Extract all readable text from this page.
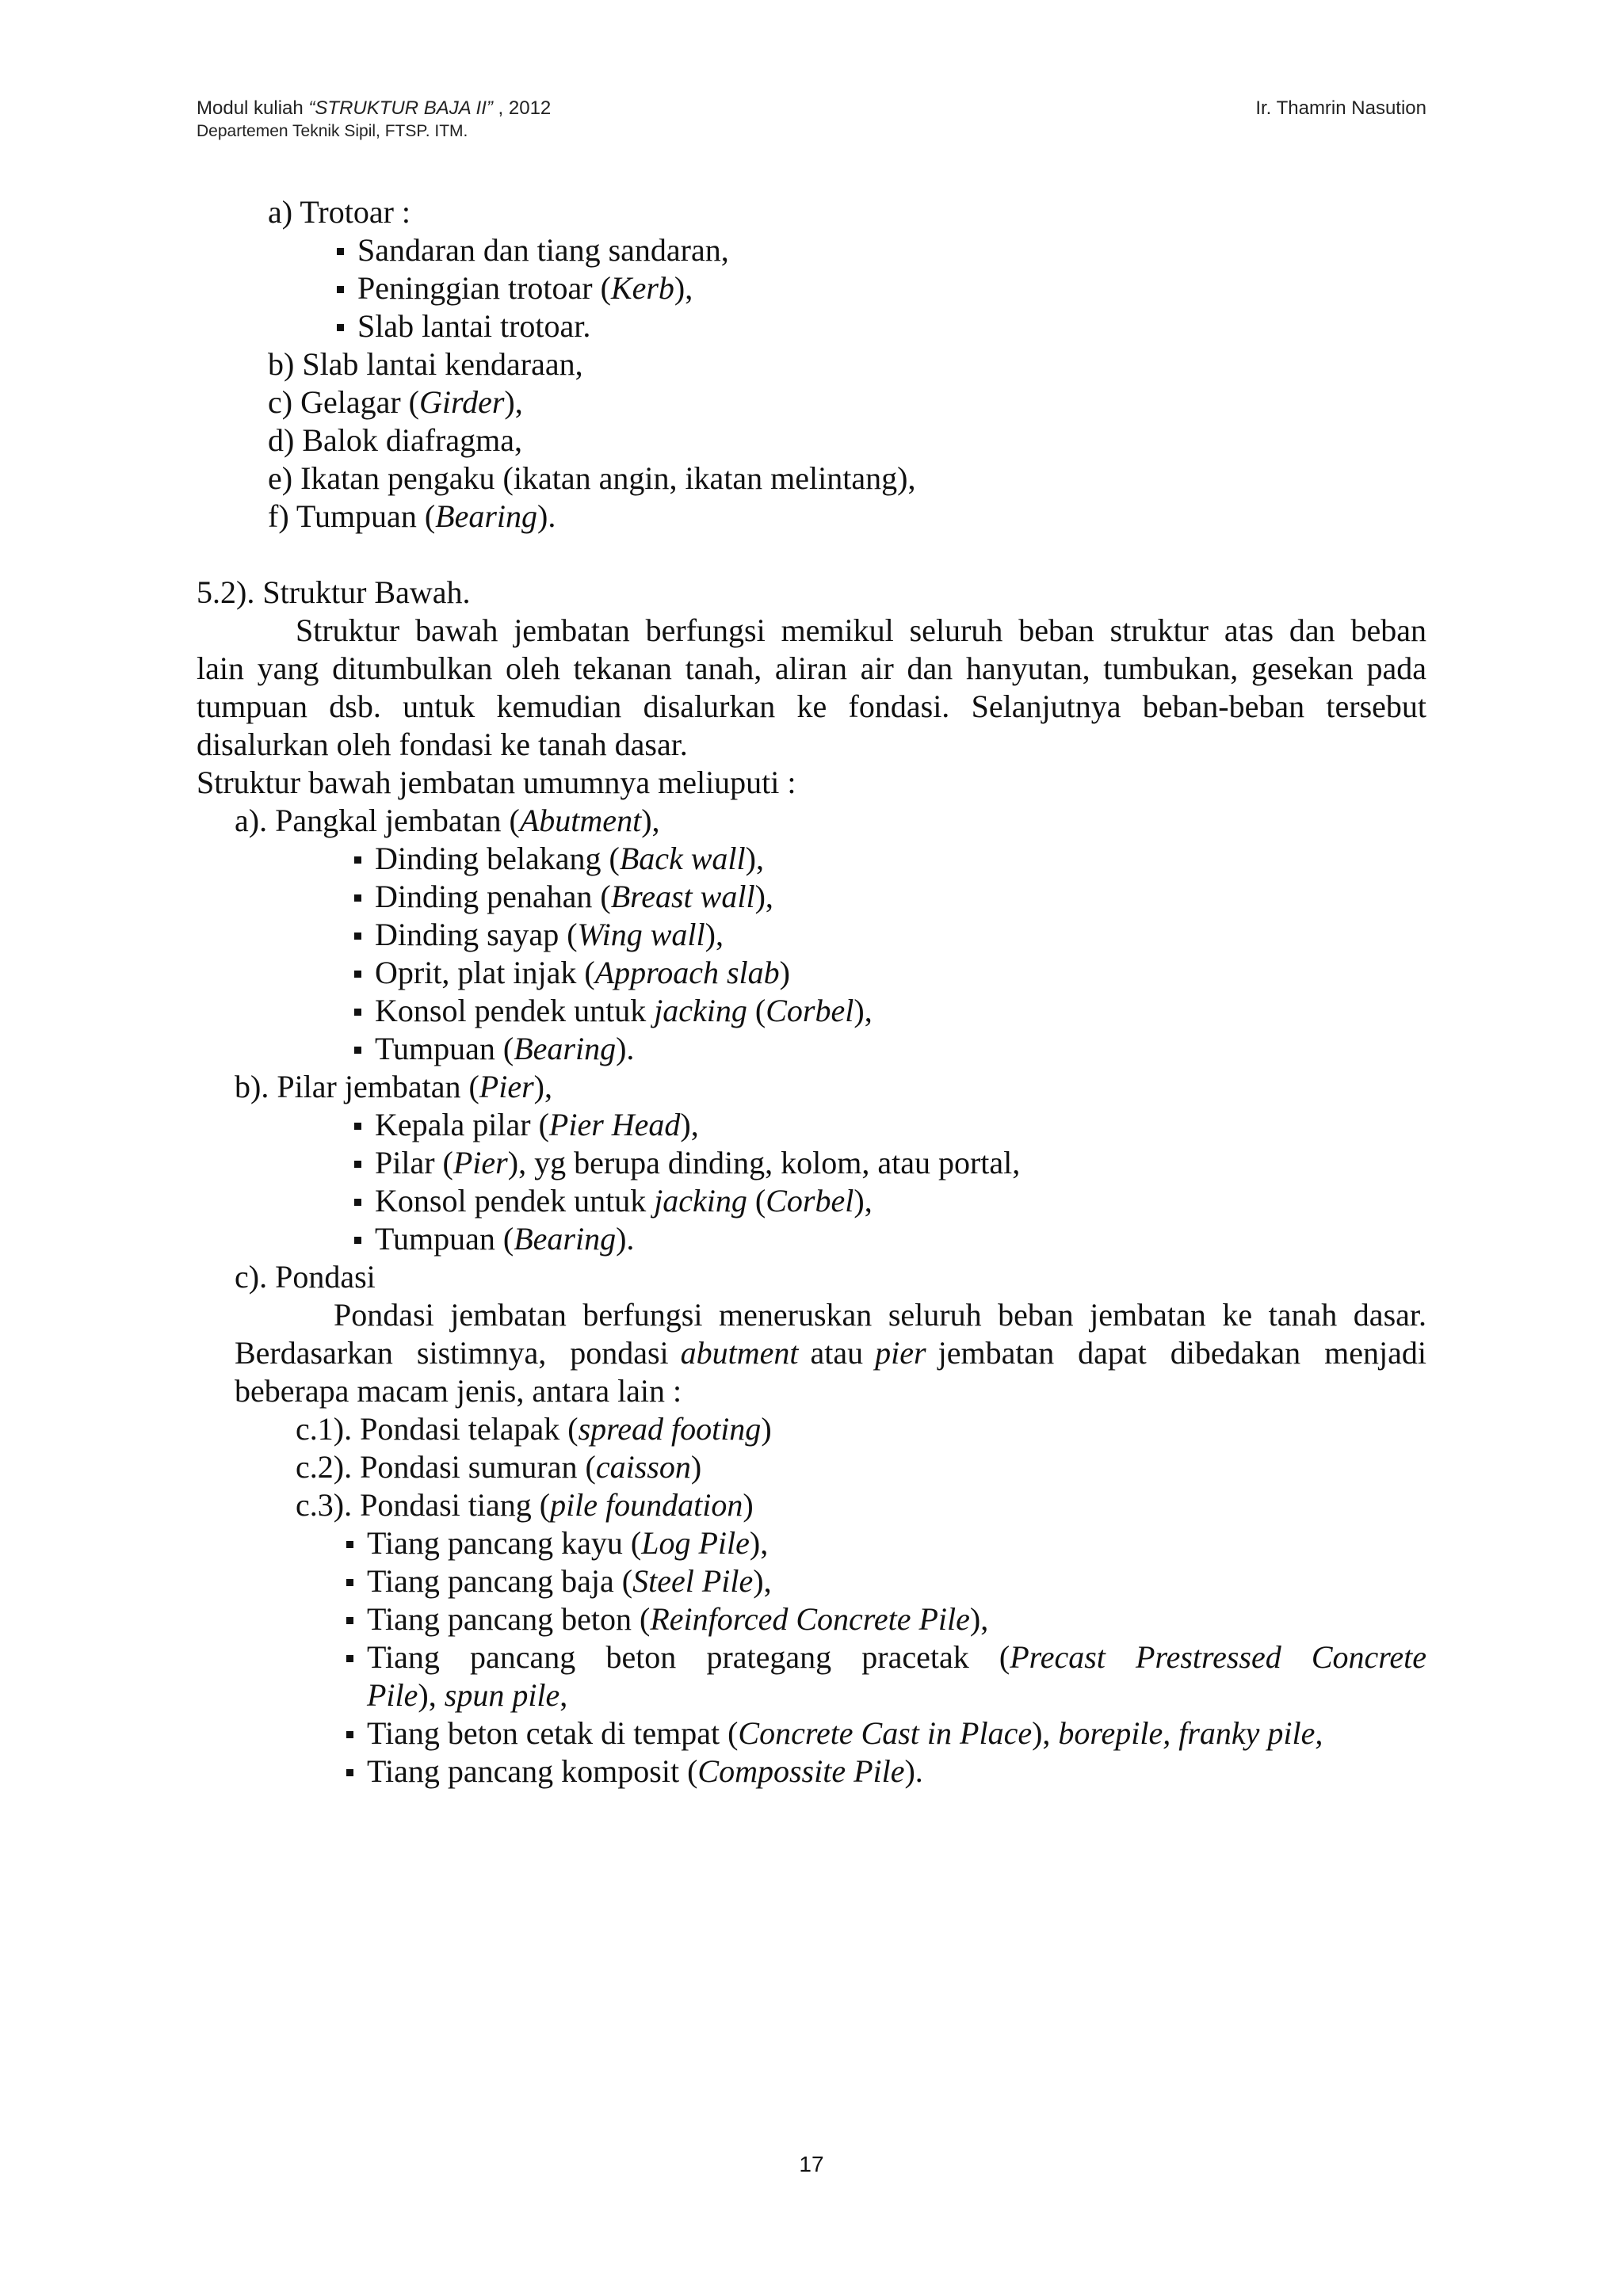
Modul kuliah “STRUKTUR BAJA II” , 2012	Ir. Thamrin Nasution
Departemen Teknik Sipil, FTSP. ITM.
a) Trotoar :
Sandaran dan tiang sandaran,
Peninggian trotoar (Kerb),
Slab lantai trotoar.
b) Slab lantai kendaraan,
c) Gelagar (Girder),
d) Balok diafragma,
e) Ikatan pengaku (ikatan angin, ikatan melintang),
f) Tumpuan (Bearing).
5.2). Struktur Bawah.
Struktur bawah jembatan berfungsi memikul seluruh beban struktur atas dan beban
lain yang ditumbulkan oleh tekanan tanah, aliran air dan hanyutan, tumbukan, gesekan pada
tumpuan dsb. untuk kemudian disalurkan ke fondasi. Selanjutnya beban-beban tersebut
disalurkan oleh fondasi ke tanah dasar.
Struktur bawah jembatan umumnya meliuputi :
a). Pangkal jembatan (Abutment),
Dinding belakang (Back wall),
Dinding penahan (Breast wall),
Dinding sayap (Wing wall),
Oprit, plat injak (Approach slab)
Konsol pendek untuk jacking (Corbel),
Tumpuan (Bearing).
b). Pilar jembatan (Pier),
Kepala pilar (Pier Head),
Pilar (Pier), yg berupa dinding, kolom, atau portal,
Konsol pendek untuk jacking (Corbel),
Tumpuan (Bearing).
c). Pondasi
Pondasi jembatan berfungsi meneruskan seluruh beban jembatan ke tanah dasar.
Berdasarkan  sistimnya,  pondasi abutment atau pier jembatan  dapat  dibedakan  menjadi
beberapa macam jenis, antara lain :
c.1). Pondasi telapak (spread footing)
c.2). Pondasi sumuran (caisson)
c.3). Pondasi tiang (pile foundation)
Tiang pancang kayu (Log Pile),
Tiang pancang baja (Steel Pile),
Tiang pancang beton (Reinforced Concrete Pile),
Tiang  pancang  beton  prategang  pracetak  (Precast  Prestressed  Concrete
Pile), spun pile,
Tiang beton cetak di tempat (Concrete Cast in Place), borepile, franky pile,
Tiang pancang komposit (Compossite Pile).
17
